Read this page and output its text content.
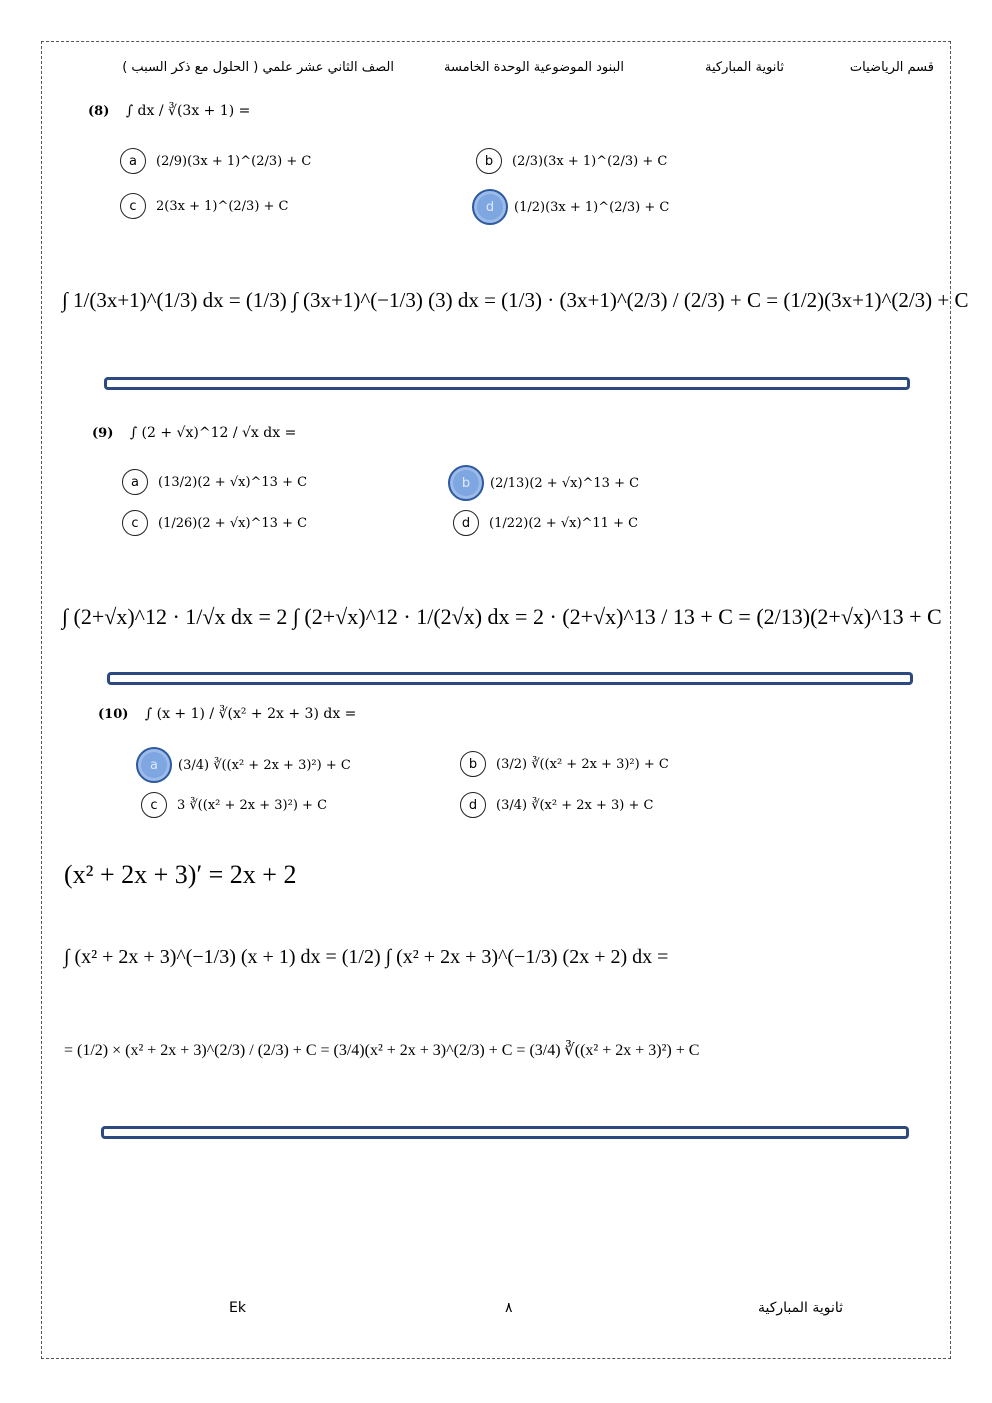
قسم الرياضيات
ثانوية المباركية
البنود الموضوعية الوحدة الخامسة
الصف الثاني عشر علمي ( الحلول مع ذكر السبب )
(8) ∫ dx / ∛(3x + 1) =
a	(2/9)(3x + 1)^(2/3) + C	b	(2/3)(3x + 1)^(2/3) + C
c	2(3x + 1)^(2/3) + C	d	(1/2)(3x + 1)^(2/3) + C
∫ 1/(3x+1)^(1/3) dx = (1/3) ∫ (3x+1)^(−1/3) (3) dx = (1/3) · (3x+1)^(2/3) / (2/3) + C = (1/2)(3x+1)^(2/3) + C
(9) ∫ (2 + √x)^12 / √x dx =
a	(13/2)(2 + √x)^13 + C	b	(2/13)(2 + √x)^13 + C
c	(1/26)(2 + √x)^13 + C	d	(1/22)(2 + √x)^11 + C
∫ (2+√x)^12 · 1/√x dx = 2 ∫ (2+√x)^12 · 1/(2√x) dx = 2 · (2+√x)^13 / 13 + C = (2/13)(2+√x)^13 + C
(10) ∫ (x + 1) / ∛(x² + 2x + 3) dx =
a	(3/4) ∛((x² + 2x + 3)²) + C	b	(3/2) ∛((x² + 2x + 3)²) + C
c	3 ∛((x² + 2x + 3)²) + C	d	(3/4) ∛(x² + 2x + 3) + C
(x² + 2x + 3)′ = 2x + 2
∫ (x² + 2x + 3)^(−1/3) (x + 1) dx = (1/2) ∫ (x² + 2x + 3)^(−1/3) (2x + 2) dx =
= (1/2) × (x² + 2x + 3)^(2/3) / (2/3) + C = (3/4)(x² + 2x + 3)^(2/3) + C = (3/4) ∛((x² + 2x + 3)²) + C
Ek	٨	ثانوية المباركية
